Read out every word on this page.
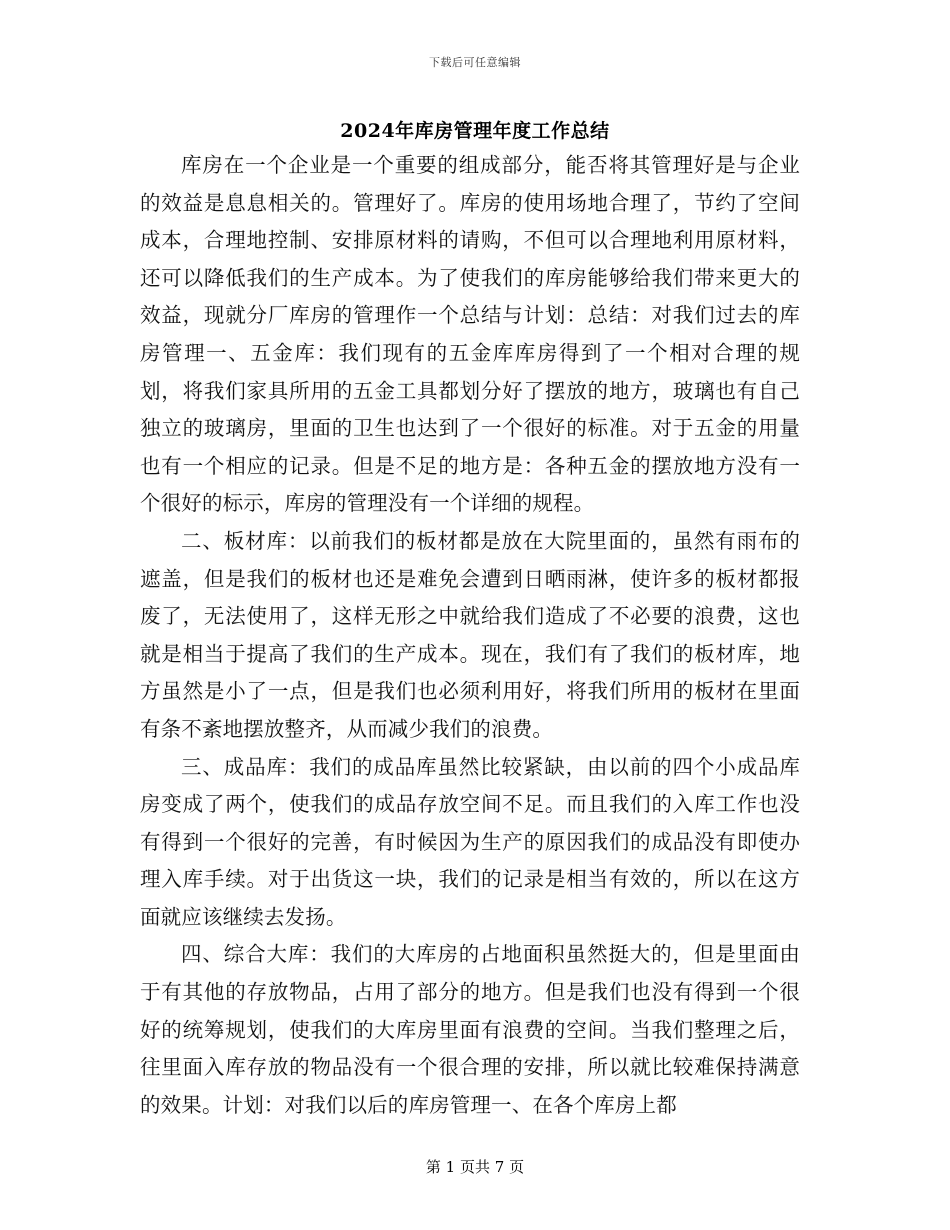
下载后可任意编辑
2024年库房管理年度工作总结

库房在一个企业是一个重要的组成部分，能否将其管理好是与企业的效益是息息相关的。管理好了。库房的使用场地合理了，节约了空间成本，合理地控制、安排原材料的请购，不但可以合理地利用原材料，还可以降低我们的生产成本。为了使我们的库房能够给我们带来更大的效益，现就分厂库房的管理作一个总结与计划：总结：对我们过去的库房管理一、五金库：我们现有的五金库库房得到了一个相对合理的规划，将我们家具所用的五金工具都划分好了摆放的地方，玻璃也有自己独立的玻璃房，里面的卫生也达到了一个很好的标准。对于五金的用量也有一个相应的记录。但是不足的地方是：各种五金的摆放地方没有一个很好的标示，库房的管理没有一个详细的规程。

二、板材库：以前我们的板材都是放在大院里面的，虽然有雨布的遮盖，但是我们的板材也还是难免会遭到日晒雨淋，使许多的板材都报废了，无法使用了，这样无形之中就给我们造成了不必要的浪费，这也就是相当于提高了我们的生产成本。现在，我们有了我们的板材库，地方虽然是小了一点，但是我们也必须利用好，将我们所用的板材在里面有条不紊地摆放整齐，从而减少我们的浪费。

三、成品库：我们的成品库虽然比较紧缺，由以前的四个小成品库房变成了两个，使我们的成品存放空间不足。而且我们的入库工作也没有得到一个很好的完善，有时候因为生产的原因我们的成品没有即使办理入库手续。对于出货这一块，我们的记录是相当有效的，所以在这方面就应该继续去发扬。

四、综合大库：我们的大库房的占地面积虽然挺大的，但是里面由于有其他的存放物品，占用了部分的地方。但是我们也没有得到一个很好的统筹规划，使我们的大库房里面有浪费的空间。当我们整理之后，往里面入库存放的物品没有一个很合理的安排，所以就比较难保持满意的效果。计划：对我们以后的库房管理一、在各个库房上都

第 1 页共 7 页
